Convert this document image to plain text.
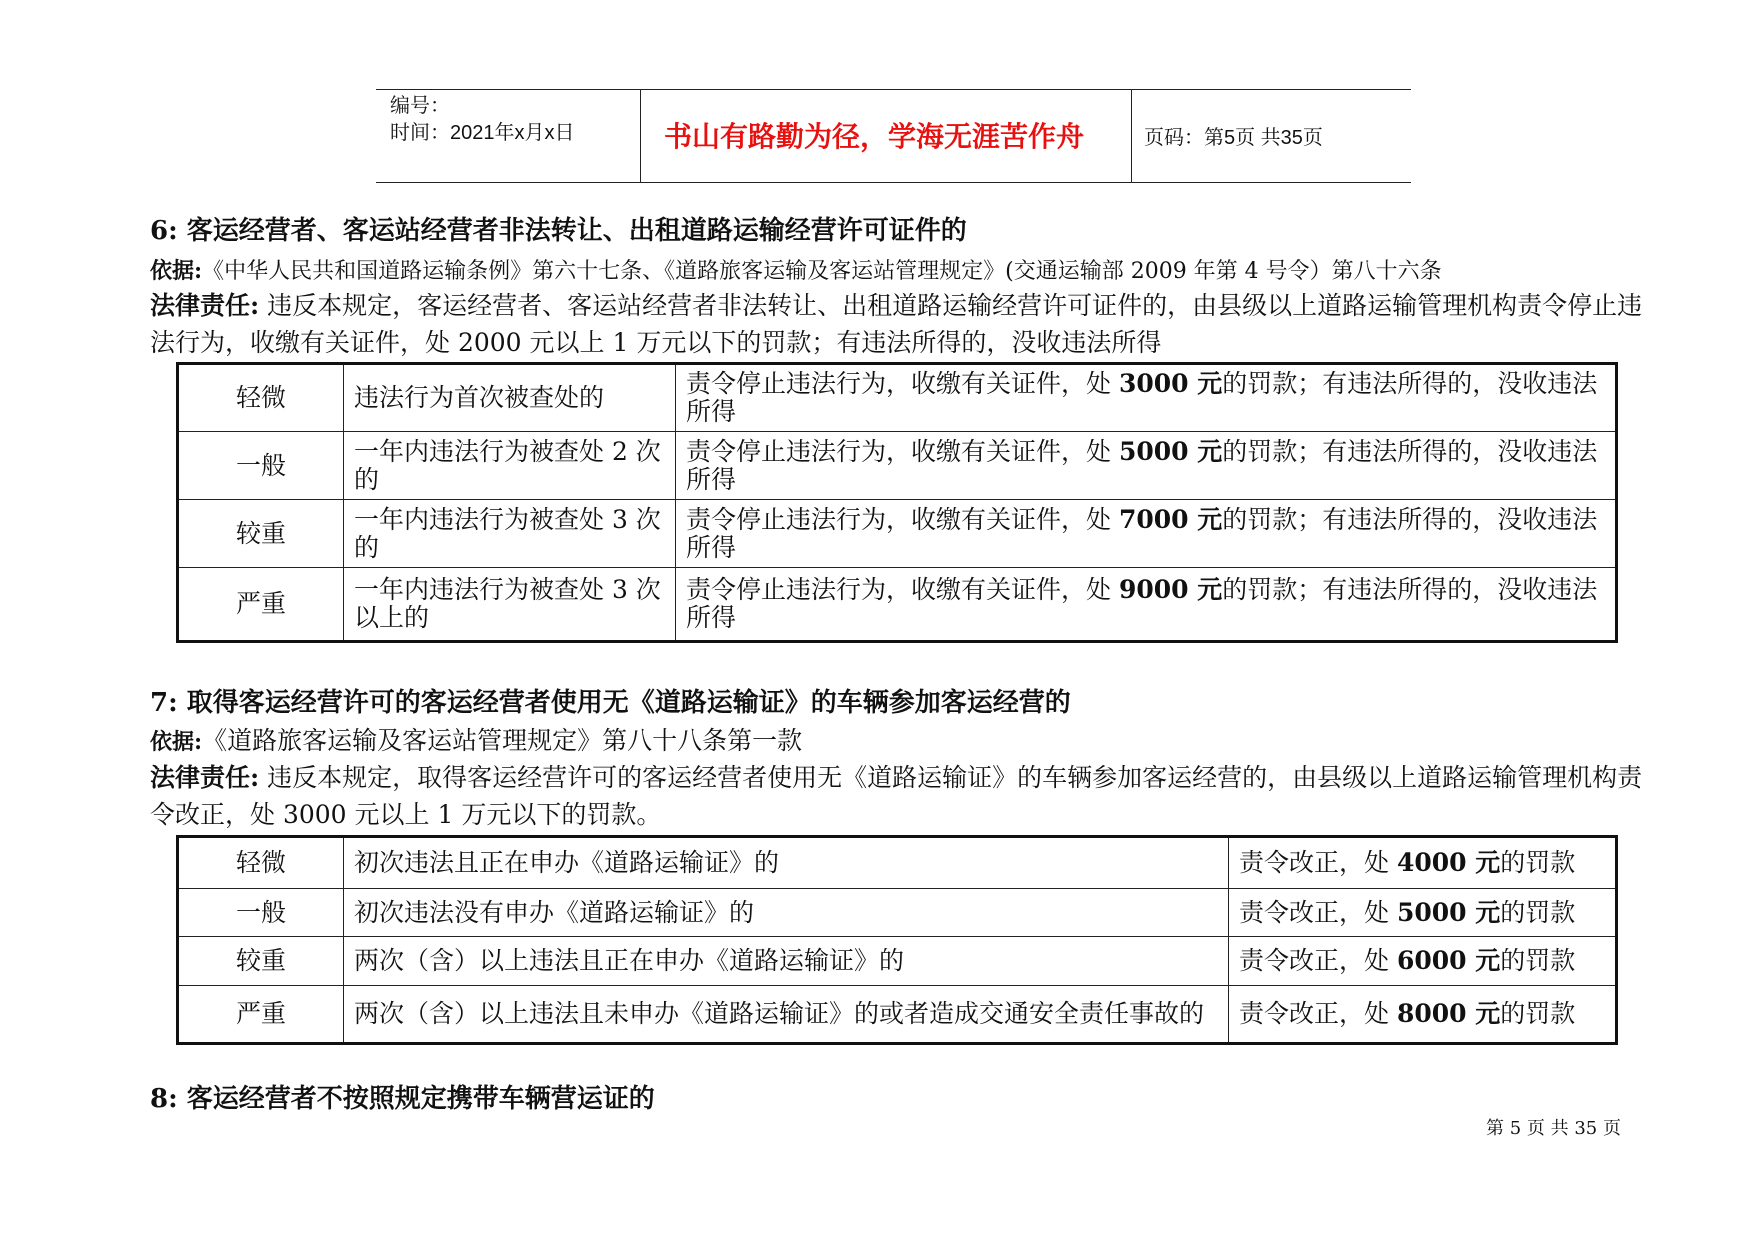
编号：
时间：2021年x月x日	书山有路勤为径，学海无涯苦作舟	页码：第5页 共35页
6: 客运经营者、客运站经营者非法转让、出租道路运输经营许可证件的
依据:《中华人民共和国道路运输条例》第六十七条、《道路旅客运输及客运站管理规定》(交通运输部 2009 年第 4 号令）第八十六条
法律责任: 违反本规定，客运经营者、客运站经营者非法转让、出租道路运输经营许可证件的，由县级以上道路运输管理机构责令停止违法行为，收缴有关证件，处 2000 元以上 1 万元以下的罚款；有违法所得的，没收违法所得
轻微	违法行为首次被查处的	责令停止违法行为，收缴有关证件，处 3000 元的罚款；有违法所得的，没收违法所得
一般	一年内违法行为被查处 2 次的	责令停止违法行为，收缴有关证件，处 5000 元的罚款；有违法所得的，没收违法所得
较重	一年内违法行为被查处 3 次的	责令停止违法行为，收缴有关证件，处 7000 元的罚款；有违法所得的，没收违法所得
严重	一年内违法行为被查处 3 次以上的	责令停止违法行为，收缴有关证件，处 9000 元的罚款；有违法所得的，没收违法所得
7: 取得客运经营许可的客运经营者使用无《道路运输证》的车辆参加客运经营的
依据:《道路旅客运输及客运站管理规定》第八十八条第一款
法律责任: 违反本规定，取得客运经营许可的客运经营者使用无《道路运输证》的车辆参加客运经营的，由县级以上道路运输管理机构责令改正，处 3000 元以上 1 万元以下的罚款。
轻微	初次违法且正在申办《道路运输证》的	责令改正，处 4000 元的罚款
一般	初次违法没有申办《道路运输证》的	责令改正，处 5000 元的罚款
较重	两次（含）以上违法且正在申办《道路运输证》的	责令改正，处 6000 元的罚款
严重	两次（含）以上违法且未申办《道路运输证》的或者造成交通安全责任事故的	责令改正，处 8000 元的罚款
8: 客运经营者不按照规定携带车辆营运证的
第 5 页 共 35 页
